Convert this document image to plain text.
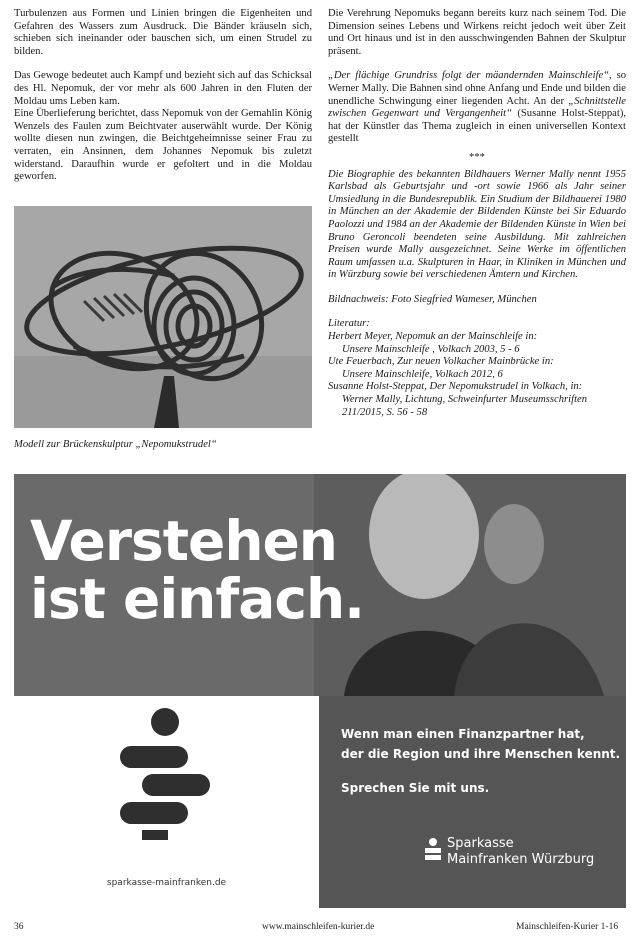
Turbulenzen aus Formen und Linien bringen die Eigenheiten und Gefahren des Wassers zum Ausdruck. Die Bänder kräuseln sich, schieben sich ineinander oder bauschen sich, um einen Strudel zu bilden.

Das Gewoge bedeutet auch Kampf und bezieht sich auf das Schicksal des Hl. Nepomuk, der vor mehr als 600 Jahren in den Fluten der Moldau ums Leben kam.

Eine Überlieferung berichtet, dass Nepomuk von der Gemahlin König Wenzels des Faulen zum Beichtvater auserwählt wurde. Der König wollte diesen nun zwingen, die Beichtgeheimnisse seiner Frau zu verraten, ein Ansinnen, dem Johannes Nepomuk bis zuletzt widerstand. Daraufhin wurde er gefoltert und in die Moldau geworfen.

Modell zur Brückenskulptur „Nepomukstrudel“

Die Verehrung Nepomuks begann bereits kurz nach seinem Tod. Die Dimension seines Lebens und Wirkens reicht jedoch weit über Zeit und Ort hinaus und ist in den ausschwingenden Bahnen der Skulptur präsent.

„Der flächige Grundriss folgt der mäandernden Mainschleife“, so Werner Mally. Die Bahnen sind ohne Anfang und Ende und bilden die unendliche Schwingung einer liegenden Acht. An der „Schnittstelle zwischen Gegenwart und Vergangenheit“ (Susanne Holst-Steppat), hat der Künstler das Thema zugleich in einen universellen Kontext gestellt

***

Die Biographie des bekannten Bildhauers Werner Mally nennt 1955 Karlsbad als Geburtsjahr und -ort sowie 1966 als Jahr seiner Umsiedlung in die Bundesrepublik. Ein Studium der Bildhauerei 1980 in München an der Akademie der Bildenden Künste bei Sir Eduardo Paolozzi und 1984 an der Akademie der Bildenden Künste in Wien bei Bruno Geroncoli beendeten seine Ausbildung. Mit zahlreichen Preisen wurde Mally ausgezeichnet. Seine Werke im öffentlichen Raum umfassen u.a. Skulpturen in Haar, in Kliniken in München und in Würzburg sowie bei verschiedenen Ämtern und Kirchen.

Bildnachweis: Foto Siegfried Wameser, München

Literatur:

Herbert Meyer, Nepomuk an der Mainschleife in:

Unsere Mainschleife , Volkach 2003, 5 - 6

Ute Feuerbach, Zur neuen Volkacher Mainbrücke in:

Unsere Mainschleife, Volkach 2012, 6

Susanne Holst-Steppat, Der Nepomukstrudel in Volkach, in:

Werner Mally, Lichtung, Schweinfurter Museumsschriften 211/2015, S. 56 - 58

Verstehen
ist einfach.
sparkasse-mainfranken.de

Wenn man einen Finanzpartner hat,

der die Region und ihre Menschen kennt.

Sprechen Sie mit uns.

Sparkasse
Mainfranken Würzburg
36	www.mainschleifen-kurier.de	Mainschleifen-Kurier 1-16
